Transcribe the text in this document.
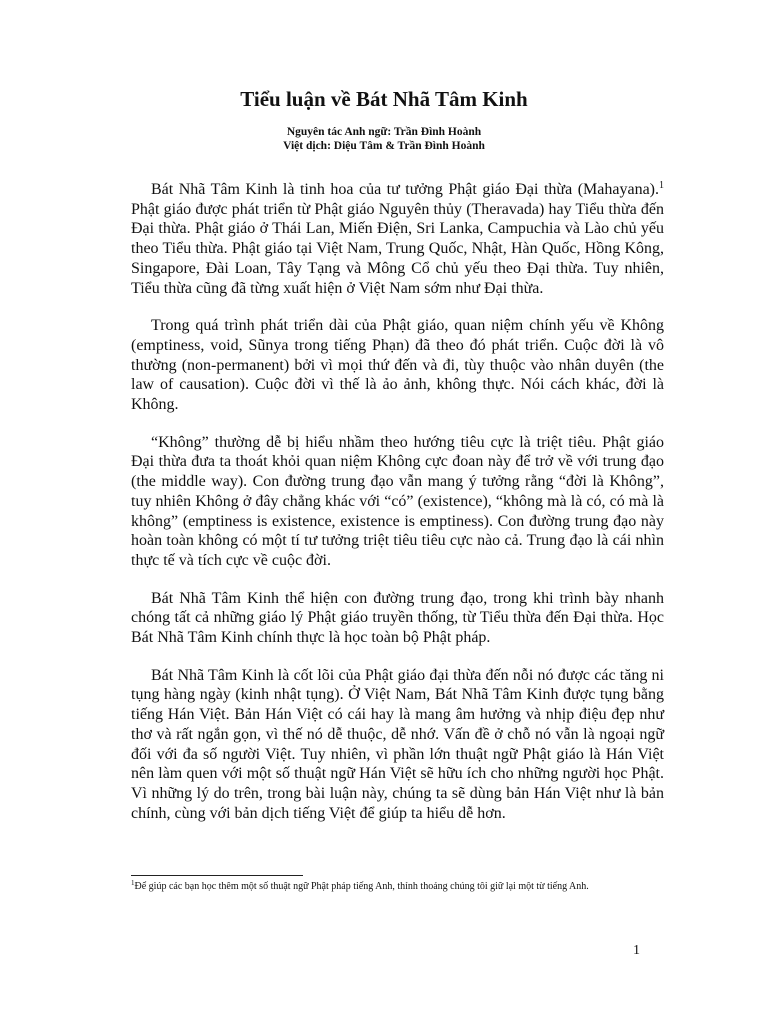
Tiểu luận về Bát Nhã Tâm Kinh

Nguyên tác Anh ngữ: Trần Đình Hoành

Việt dịch: Diệu Tâm & Trần Đình Hoành

Bát Nhã Tâm Kinh là tinh hoa của tư tưởng Phật giáo Đại thừa (Mahayana).$^1$ Phật giáo được phát triển từ Phật giáo Nguyên thủy (Theravada) hay Tiểu thừa đến Đại thừa. Phật giáo ở Thái Lan, Miến Điện, Sri Lanka, Campuchia và Lào chủ yếu theo Tiểu thừa. Phật giáo tại Việt Nam, Trung Quốc, Nhật, Hàn Quốc, Hồng Kông, Singapore, Đài Loan, Tây Tạng và Mông Cổ chủ yếu theo Đại thừa. Tuy nhiên, Tiểu thừa cũng đã từng xuất hiện ở Việt Nam sớm như Đại thừa.

Trong quá trình phát triển dài của Phật giáo, quan niệm chính yếu về Không (emptiness, void, Sũnya trong tiếng Phạn) đã theo đó phát triển. Cuộc đời là vô thường (non-permanent) bởi vì mọi thứ đến và đi, tùy thuộc vào nhân duyên (the law of causation). Cuộc đời vì thế là ảo ảnh, không thực. Nói cách khác, đời là Không.

“Không” thường dễ bị hiểu nhầm theo hướng tiêu cực là triệt tiêu. Phật giáo Đại thừa đưa ta thoát khỏi quan niệm Không cực đoan này để trở về với trung đạo (the middle way). Con đường trung đạo vẫn mang ý tưởng rằng “đời là Không”, tuy nhiên Không ở đây chẳng khác với “có” (existence), “không mà là có, có mà là không” (emptiness is existence, existence is emptiness). Con đường trung đạo này hoàn toàn không có một tí tư tưởng triệt tiêu tiêu cực nào cả. Trung đạo là cái nhìn thực tế và tích cực về cuộc đời.

Bát Nhã Tâm Kinh thể hiện con đường trung đạo, trong khi trình bày nhanh chóng tất cả những giáo lý Phật giáo truyền thống, từ Tiểu thừa đến Đại thừa. Học Bát Nhã Tâm Kinh chính thực là học toàn bộ Phật pháp.

Bát Nhã Tâm Kinh là cốt lõi của Phật giáo đại thừa đến nỗi nó được các tăng ni tụng hàng ngày (kinh nhật tụng). Ở Việt Nam, Bát Nhã Tâm Kinh được tụng bằng tiếng Hán Việt. Bản Hán Việt có cái hay là mang âm hưởng và nhịp điệu đẹp như thơ và rất ngắn gọn, vì thế nó dễ thuộc, dễ nhớ. Vấn đề ở chỗ nó vẫn là ngoại ngữ đối với đa số người Việt. Tuy nhiên, vì phần lớn thuật ngữ Phật giáo là Hán Việt nên làm quen với một số thuật ngữ Hán Việt sẽ hữu ích cho những người học Phật. Vì những lý do trên, trong bài luận này, chúng ta sẽ dùng bản Hán Việt như là bản chính, cùng với bản dịch tiếng Việt để giúp ta hiểu dễ hơn.

$^1$Để giúp các bạn học thêm một số thuật ngữ Phật pháp tiếng Anh, thỉnh thoảng chúng tôi giữ lại một từ tiếng Anh.

1
